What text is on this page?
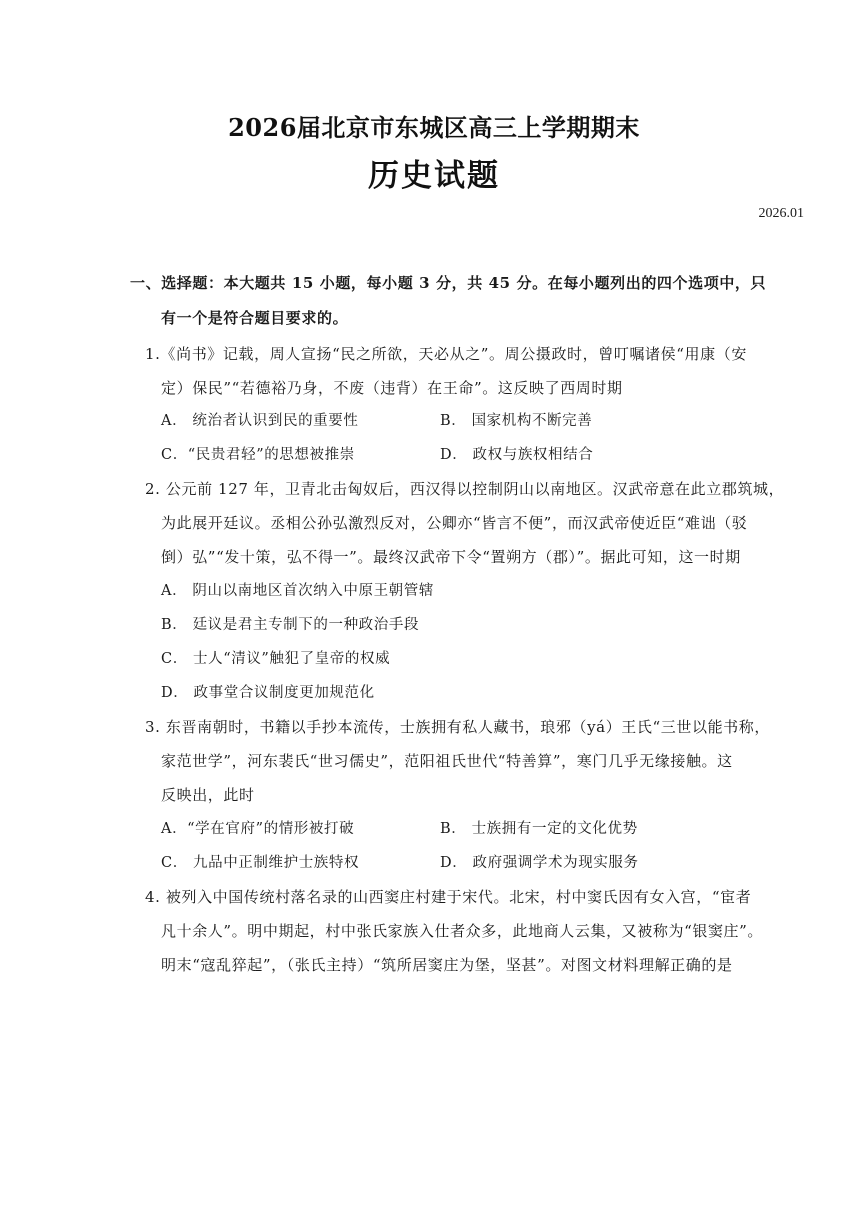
2026届北京市东城区高三上学期期末
历史试题
2026.01
一、选择题：本大题共 15 小题，每小题 3 分，共 45 分。在每小题列出的四个选项中，只
有一个是符合题目要求的。
1.《尚书》记载，周人宣扬“民之所欲，天必从之”。周公摄政时，曾叮嘱诸侯“用康（安
定）保民”“若德裕乃身，不废（违背）在王命”。这反映了西周时期
A． 统治者认识到民的重要性	B． 国家机构不断完善
C．“民贵君轻”的思想被推崇	D． 政权与族权相结合
2. 公元前 127 年，卫青北击匈奴后，西汉得以控制阴山以南地区。汉武帝意在此立郡筑城，
为此展开廷议。丞相公孙弘激烈反对，公卿亦“皆言不便”，而汉武帝使近臣“难诎（驳
倒）弘”“发十策，弘不得一”。最终汉武帝下令“置朔方（郡）”。据此可知，这一时期
A． 阴山以南地区首次纳入中原王朝管辖
B． 廷议是君主专制下的一种政治手段
C． 士人“清议”触犯了皇帝的权威
D． 政事堂合议制度更加规范化
3. 东晋南朝时，书籍以手抄本流传，士族拥有私人藏书，琅邪（yá）王氏“三世以能书称，
家范世学”，河东裴氏“世习儒史”，范阳祖氏世代“特善算”，寒门几乎无缘接触。这
反映出，此时
A．“学在官府”的情形被打破	B． 士族拥有一定的文化优势
C． 九品中正制维护士族特权	D． 政府强调学术为现实服务
4. 被列入中国传统村落名录的山西窦庄村建于宋代。北宋，村中窦氏因有女入宫，“宦者
凡十余人”。明中期起，村中张氏家族入仕者众多，此地商人云集，又被称为“银窦庄”。
明末“寇乱猝起”，（张氏主持）“筑所居窦庄为堡，坚甚”。对图文材料理解正确的是
